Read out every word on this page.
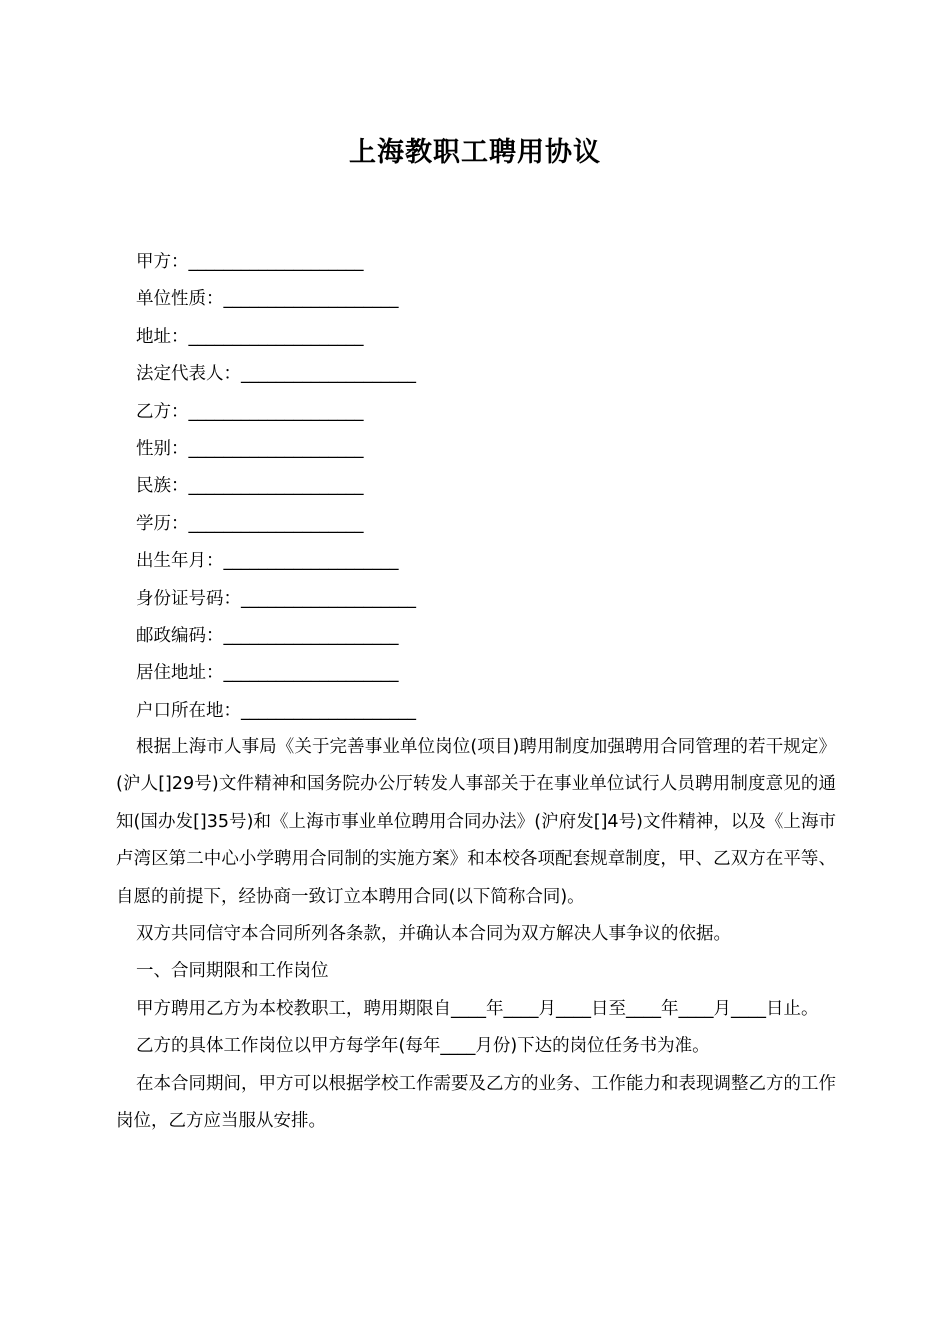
上海教职工聘用协议
甲方：____________________
单位性质：____________________
地址：____________________
法定代表人：____________________
乙方：____________________
性别：____________________
民族：____________________
学历：____________________
出生年月：____________________
身份证号码：____________________
邮政编码：____________________
居住地址：____________________
户口所在地：____________________

根据上海市人事局《关于完善事业单位岗位(项目)聘用制度加强聘用合同管理的若干规定》(沪人[]29号)文件精神和国务院办公厅转发人事部关于在事业单位试行人员聘用制度意见的通知(国办发[]35号)和《上海市事业单位聘用合同办法》(沪府发[]4号)文件精神，以及《上海市卢湾区第二中心小学聘用合同制的实施方案》和本校各项配套规章制度，甲、乙双方在平等、自愿的前提下，经协商一致订立本聘用合同(以下简称合同)。

双方共同信守本合同所列各条款，并确认本合同为双方解决人事争议的依据。

一、合同期限和工作岗位

甲方聘用乙方为本校教职工，聘用期限自____年____月____日至____年____月____日止。

乙方的具体工作岗位以甲方每学年(每年____月份)下达的岗位任务书为准。

在本合同期间，甲方可以根据学校工作需要及乙方的业务、工作能力和表现调整乙方的工作岗位，乙方应当服从安排。
